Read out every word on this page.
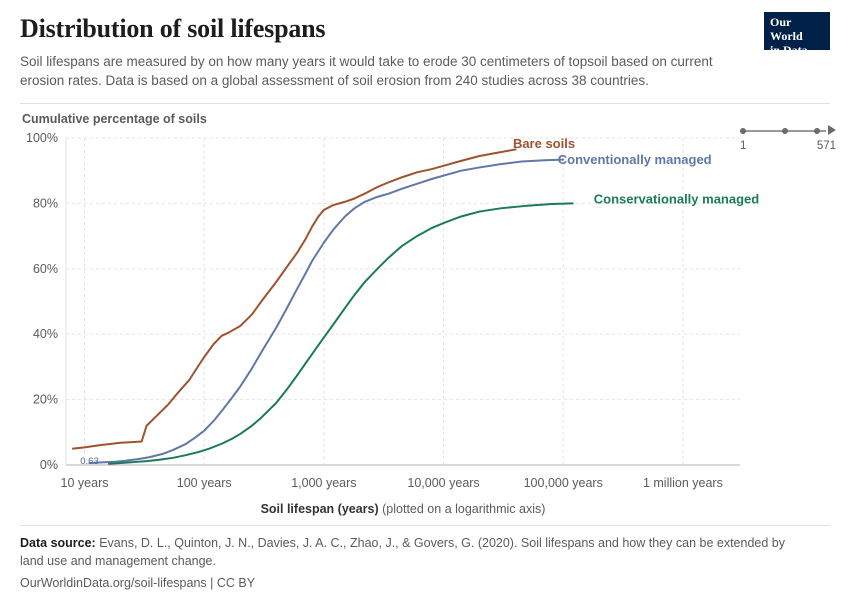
Distribution of soil lifespans

Soil lifespans are measured by on how many years it would take to erode 30 centimeters of topsoil based on current erosion rates. Data is based on a global assessment of soil erosion from 240 studies across 38 countries.

Our World
in Data
Cumulative percentage of soils
0%
20%
40%
60%
80%
100%
10 years	100 years	1,000 years	10,000 years	100,000 years	1 million years
Soil lifespan (years) (plotted on a logarithmic axis)
Bare soils
Conventionally managed
Conservationally managed
0.63
1	571

Data source: Evans, D. L., Quinton, J. N., Davies, J. A. C., Zhao, J., & Govers, G. (2020). Soil lifespans and how they can be extended by land use and management change.

OurWorldinData.org/soil-lifespans | CC BY
